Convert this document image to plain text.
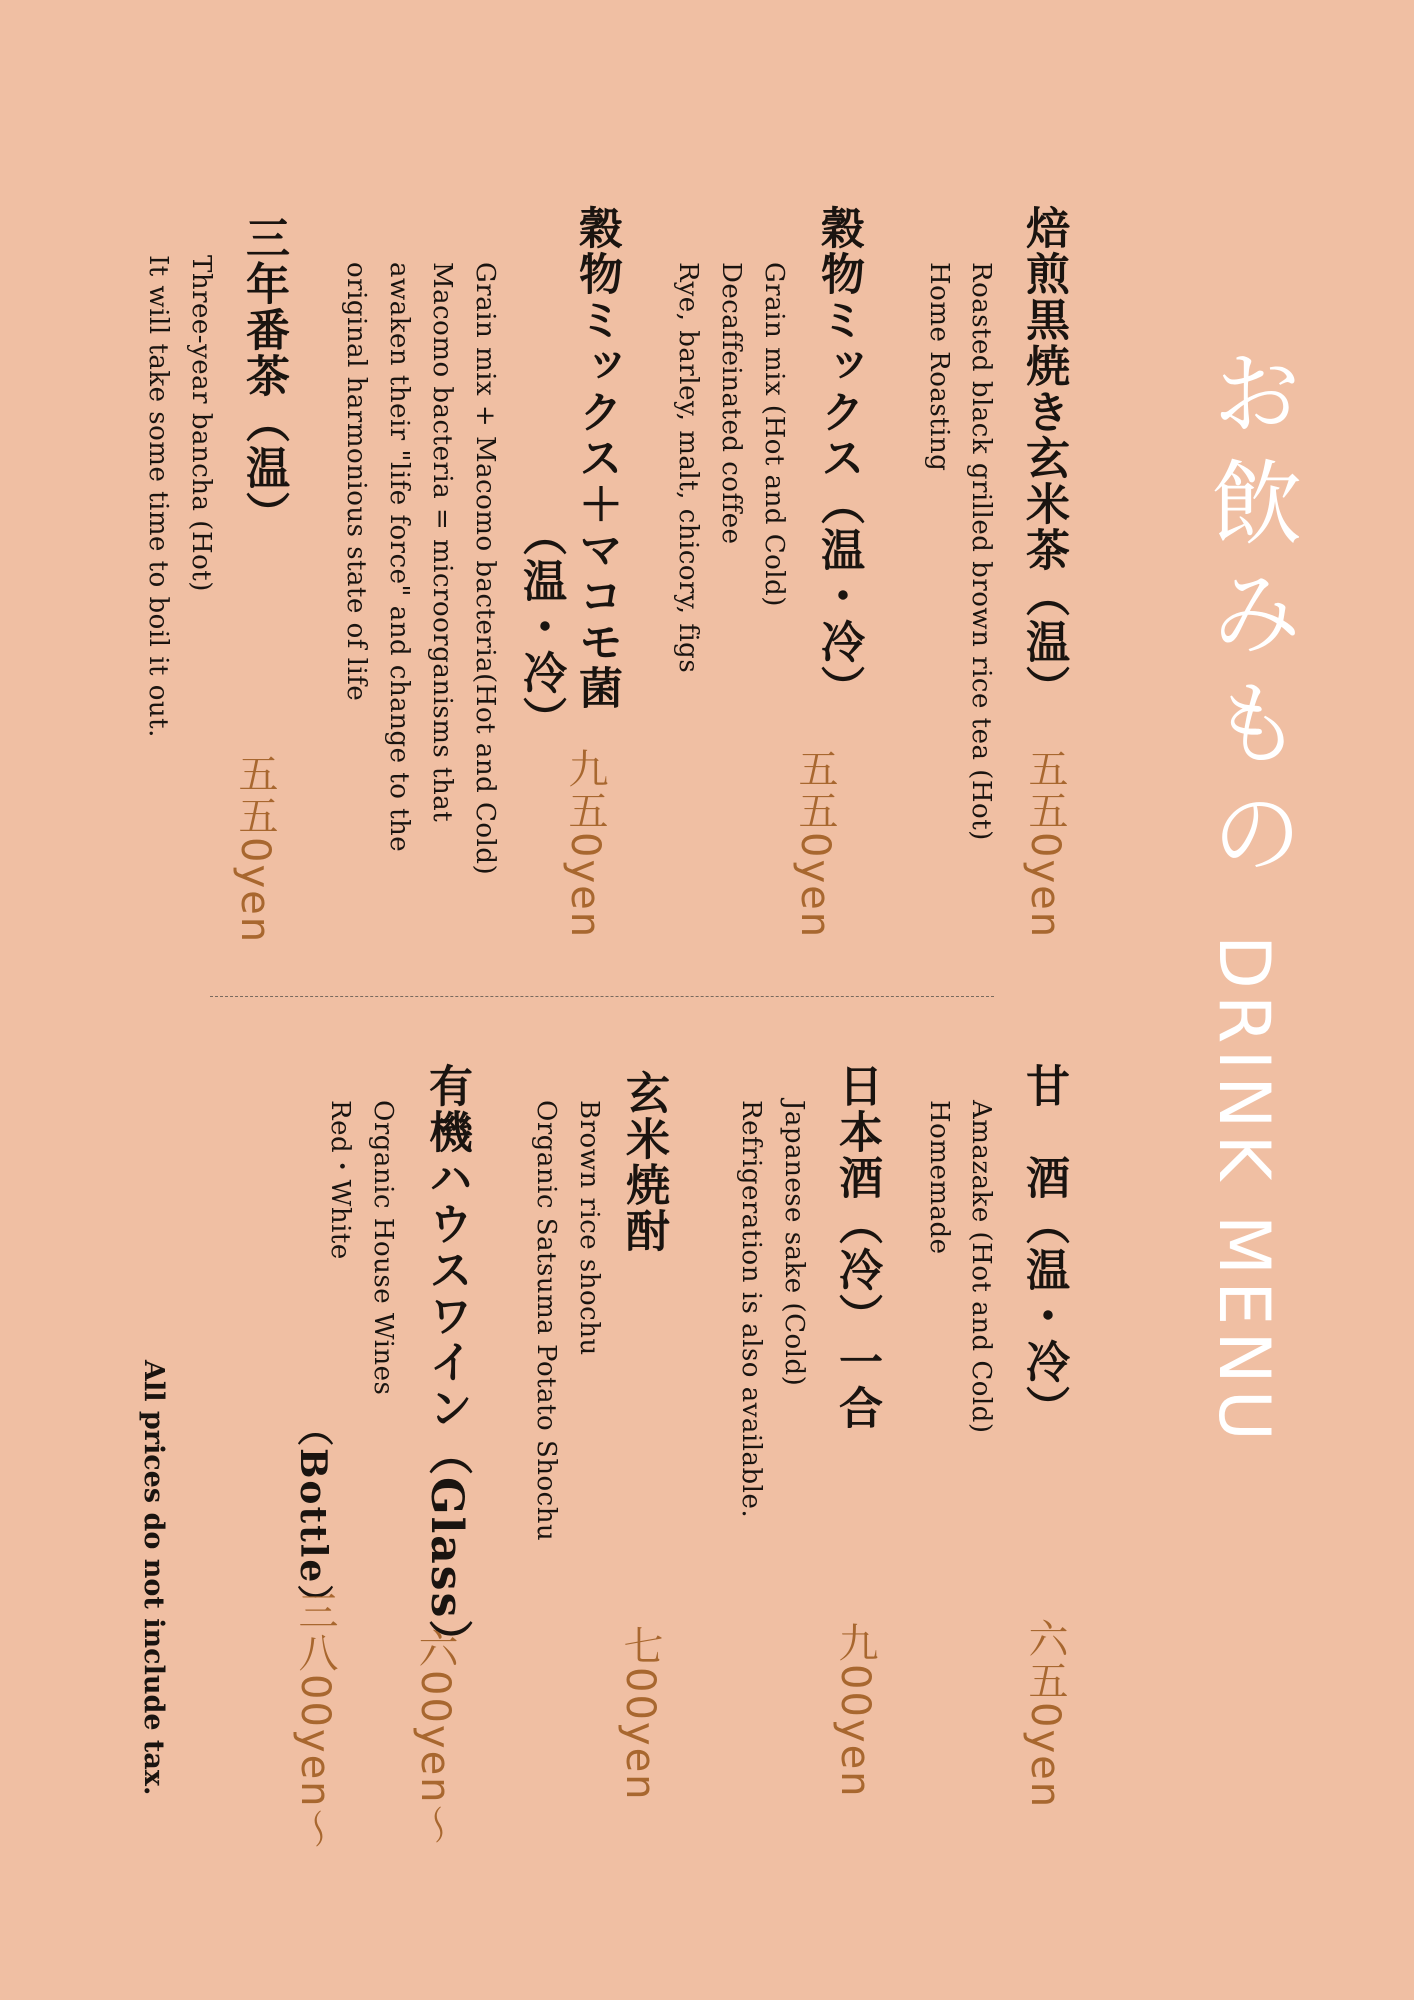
お飲みもの
DRINK MENU
焙煎黒焼き玄米茶（温）
Roasted black grilled brown rice tea (Hot)
Home Roasting
五五0yen
穀物ミックス（温・冷）
Grain mix (Hot and Cold)
Decaffeinated coffee
Rye, barley, malt, chicory, figs
五五0yen
穀物ミックス＋マコモ菌
（温・冷）
Grain mix + Macomo bacteria(Hot and Cold)
Macomo bacteria = microorganisms that
awaken their "life force" and change to the
original harmonious state of life
九五0yen
三年番茶（温）
Three-year bancha (Hot)
It will take some time to boil it out.
五五0yen
甘　酒（温・冷）
Amazake (Hot and Cold)
Homemade
六五0yen
日本酒（冷）一合
Japanese sake (Cold)
Refrigeration is also available.
九00yen
玄米焼酎
Brown rice shochu
Organic Satsuma Potato Shochu
七00yen
有機ハウスワイン（Glass）
Organic House Wines
Red・White
六00yen～
（Bottle）
三八00yen～
All prices do not include tax.
